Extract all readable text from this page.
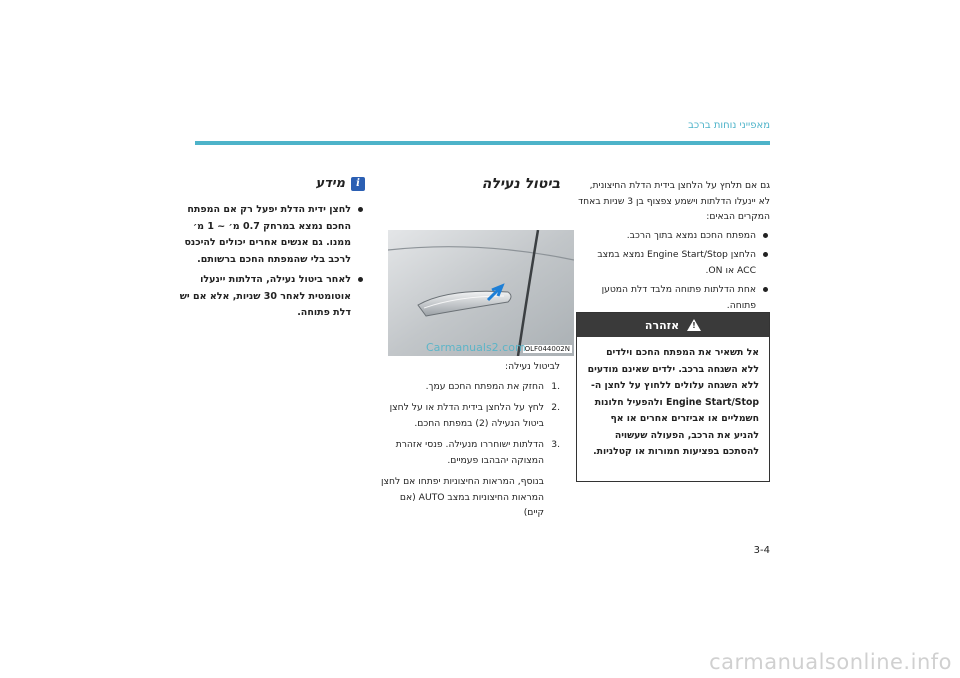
מאפייני נוחות ברכב

גם אם תלחץ על הלחצן בידית הדלת החיצונית, לא יינעלו הדלתות וישמע צפצוף בן 3 שניות באחד המקרים הבאים:

המפתח החכם נמצא בתוך הרכב.
הלחצן Engine Start/Stop נמצא במצב ACC או ON.
אחת הדלתות פתוחה מלבד דלת המטען פתוחה.
אזהרה !
אל תשאיר את המפתח החכם וילדים ללא השגחה ברכב. ילדים שאינם מודעים ללא השגחה עלולים ללחוץ על לחצן ה- Engine Start/Stop ולהפעיל חלונות חשמליים או אביזרים אחרים או אף להניע את הרכב, הפעולה שעשויה להסתכם בפציעות חמורות או קטלניות.
ביטול נעילה
OLF044002N
Carmanuals2.com

לביטול נעילה:

.1
החזק את המפתח החכם עמך.
.2
לחץ על הלחצן בידית הדלת או על לחצן ביטול הנעילה (2) במפתח החכם.
.3
הדלתות ישוחררו מנעילה. פנסי אזהרת המצוקה יהבהבו פעמיים.
בנוסף, המראות החיצוניות יפתחו אם לחצן המראות החיצוניות במצב AUTO (אם קיים)
i
מידע
לחצן ידית הדלת יפעל רק אם המפתח החכם נמצא במרחק 0.7 מ׳ ~ 1 מ׳ ממנו. גם אנשים אחרים יכולים להיכנס לרכב בלי שהמפתח החכם ברשותם.
לאחר ביטול נעילה, הדלתות יינעלו אוטומטית לאחר 30 שניות, אלא אם יש דלת פתוחה.
3-4
carmanualsonline.info
